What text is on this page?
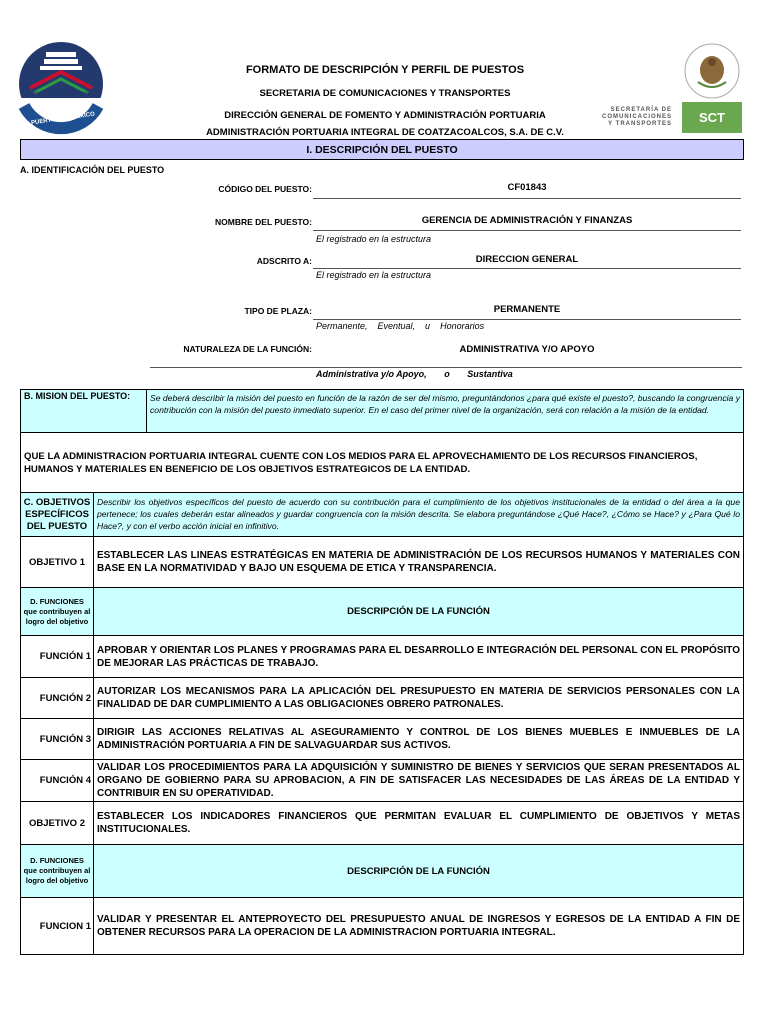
COATZACOALCOS
PUERTOS DE MÉXICO
FORMATO DE DESCRIPCIÓN Y PERFIL DE PUESTOS
SECRETARIA DE COMUNICACIONES Y TRANSPORTES
DIRECCIÓN GENERAL DE FOMENTO Y ADMINISTRACIÓN PORTUARIA
ADMINISTRACIÓN PORTUARIA INTEGRAL DE COATZACOALCOS, S.A. DE C.V.
SECRETARÍA DE
COMUNICACIONES
Y TRANSPORTES SCT
I. DESCRIPCIÓN DEL PUESTO
A. IDENTIFICACIÓN DEL PUESTO
CÓDIGO DEL PUESTO:	CF01843
NOMBRE DEL PUESTO:	GERENCIA DE ADMINISTRACIÓN Y FINANZAS
El registrado en la estructura
ADSCRITO A:	DIRECCION GENERAL
El registrado en la estructura
TIPO DE PLAZA:	PERMANENTE
Permanente,    Eventual,    u    Honorarios
NATURALEZA DE LA FUNCIÓN:	ADMINISTRATIVA Y/O APOYO
Administrativa y/o Apoyo,       o       Sustantiva
B. MISION DEL PUESTO:	Se deberá describir la misión del puesto en función de la razón de ser del mismo, preguntándonos ¿para qué existe el puesto?, buscando la congruencia y contribución con la misión del puesto inmediato superior. En el caso del primer nivel de la organización, será con relación a la misión de la entidad.
QUE LA ADMINISTRACION PORTUARIA INTEGRAL CUENTE CON LOS MEDIOS PARA EL APROVECHAMIENTO DE LOS RECURSOS FINANCIEROS, HUMANOS Y MATERIALES EN BENEFICIO DE LOS OBJETIVOS ESTRATEGICOS DE LA ENTIDAD.
C. OBJETIVOS ESPECÍFICOS DEL PUESTO
Describir los objetivos específicos del puesto de acuerdo con su contribución para el cumplimiento de los objetivos institucionales de la entidad o del área a la que pertenece; los cuales deberán estar alineados y guardar congruencia con la misión descrita. Se elabora preguntándose ¿Qué Hace?, ¿Cómo se Hace? y ¿Para Qué lo Hace?, y con el verbo acción inicial en infinitivo.
OBJETIVO 1
ESTABLECER LAS LINEAS ESTRATÉGICAS EN MATERIA DE ADMINISTRACIÓN DE LOS RECURSOS HUMANOS Y MATERIALES CON BASE EN LA NORMATIVIDAD Y BAJO UN ESQUEMA DE ETICA Y TRANSPARENCIA.
D. FUNCIONES que contribuyen al logro del objetivo
DESCRIPCIÓN DE LA FUNCIÓN
FUNCIÓN 1
APROBAR Y ORIENTAR LOS PLANES Y PROGRAMAS PARA EL DESARROLLO E INTEGRACIÓN DEL PERSONAL CON EL PROPÓSITO DE MEJORAR LAS PRÁCTICAS DE TRABAJO.
FUNCIÓN 2
AUTORIZAR LOS MECANISMOS PARA LA APLICACIÓN DEL PRESUPUESTO EN MATERIA DE SERVICIOS PERSONALES CON LA FINALIDAD DE DAR CUMPLIMIENTO A LAS OBLIGACIONES OBRERO PATRONALES.
FUNCIÓN 3
DIRIGIR LAS ACCIONES RELATIVAS AL ASEGURAMIENTO Y CONTROL DE LOS BIENES MUEBLES E INMUEBLES DE LA ADMINISTRACIÓN PORTUARIA A FIN DE SALVAGUARDAR SUS ACTIVOS.
FUNCIÓN 4
VALIDAR LOS PROCEDIMIENTOS PARA LA ADQUISICIÓN Y SUMINISTRO DE BIENES Y SERVICIOS QUE SERAN PRESENTADOS AL ORGANO DE GOBIERNO PARA SU APROBACION, A FIN DE SATISFACER LAS NECESIDADES DE LAS ÁREAS DE LA ENTIDAD Y CONTRIBUIR EN SU OPERATIVIDAD.
OBJETIVO 2
ESTABLECER LOS INDICADORES FINANCIEROS QUE PERMITAN EVALUAR EL CUMPLIMIENTO DE OBJETIVOS Y METAS INSTITUCIONALES.
D. FUNCIONES que contribuyen al logro del objetivo
DESCRIPCIÓN DE LA FUNCIÓN
FUNCION 1
VALIDAR Y PRESENTAR EL ANTEPROYECTO DEL PRESUPUESTO ANUAL DE INGRESOS Y EGRESOS DE LA ENTIDAD A FIN DE OBTENER RECURSOS PARA LA OPERACION DE LA ADMINISTRACION PORTUARIA INTEGRAL.
